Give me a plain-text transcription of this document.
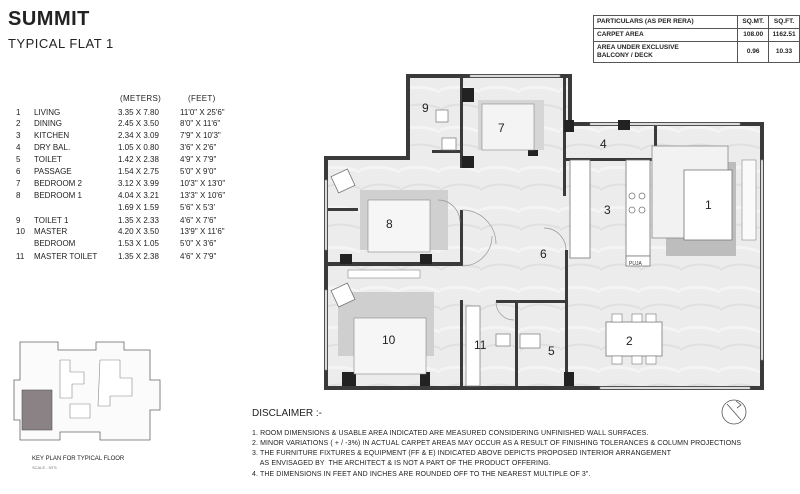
SUMMIT
TYPICAL FLAT 1
(METERS)	(FEET)
1 LIVING	3.35 X 7.80	11'0" X 25'6"
2 DINING	2.45 X 3.50	8'0" X 11'6"
3 KITCHEN	2.34 X 3.09	7'9" X 10'3"
4 DRY BAL.	1.05 X 0.80	3'6" X 2'6"
5 TOILET	1.42 X 2.38	4'9" X 7'9"
6 PASSAGE	1.54 X 2.75	5'0" X 9'0"
7 BEDROOM 2	3.12 X 3.99	10'3" X 13'0"
8 BEDROOM 1	4.04 X 3.21	13'3" X 10'6"
1.69 X 1.59	5'6" X 5'3'
9 TOILET 1	1.35 X 2.33	4'6" X 7'6"
10 MASTER	4.20 X 3.50	13'9" X 11'6"
BEDROOM	1.53 X 1.05	5'0" X 3'6"
11 MASTER TOILET	1.35 X 2.38	4'6" X 7'9"
PARTICULARS (AS PER RERA)	SQ.MT.	SQ.FT.
CARPET AREA	108.00	1162.51
AREA UNDER EXCLUSIVE
BALCONY / DECK	0.96	10.33
1
2
3
4
5
6
7
8
9
10	11
PUJA
KEY PLAN FOR TYPICAL FLOOR
SCALE - NTS
DISCLAIMER :-
1. ROOM DIMENSIONS & USABLE AREA INDICATED ARE MEASURED CONSIDERING UNFINISHED WALL SURFACES.
2. MINOR VARIATIONS ( + / -3%) IN ACTUAL CARPET AREAS MAY OCCUR AS A RESULT OF FINISHING TOLERANCES & COLUMN PROJECTIONS
3. THE FURNITURE FIXTURES & EQUIPMENT (FF & E) INDICATED ABOVE DEPICTS PROPOSED INTERIOR ARRANGEMENT
AS ENVISAGED BY  THE ARCHITECT & IS NOT A PART OF THE PRODUCT OFFERING.
4. THE DIMENSIONS IN FEET AND INCHES ARE ROUNDED OFF TO THE NEAREST MULTIPLE OF 3".
